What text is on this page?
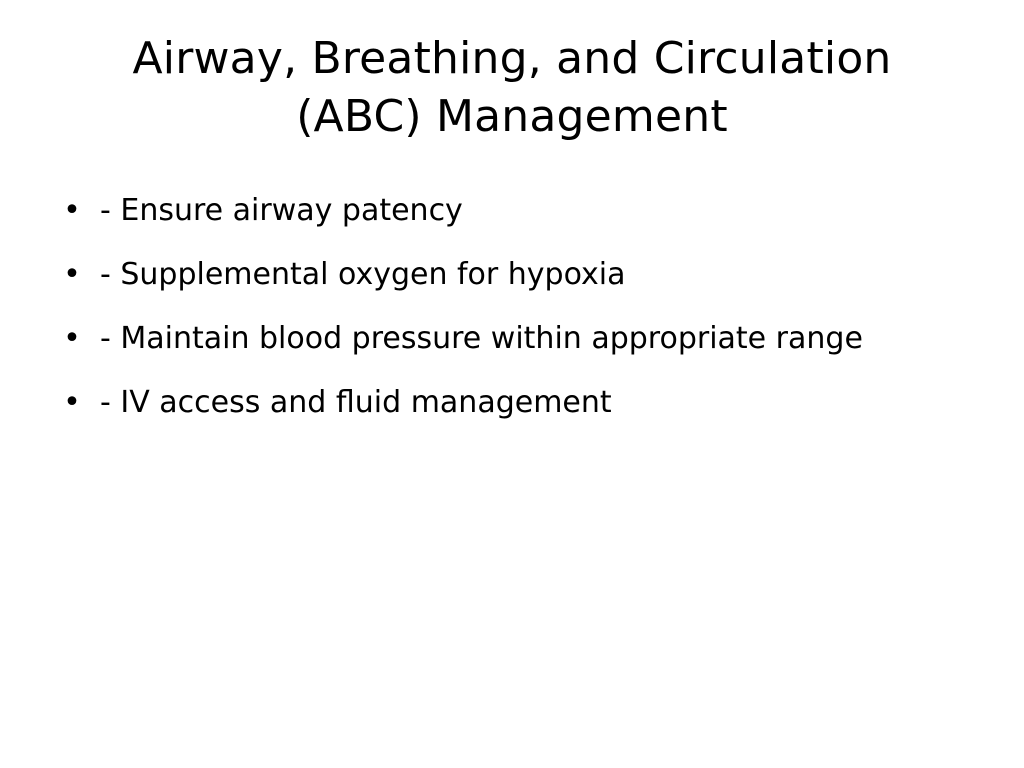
Airway, Breathing, and Circulation
(ABC) Management
• - Ensure airway patency
• - Supplemental oxygen for hypoxia
• - Maintain blood pressure within appropriate range
• - IV access and fluid management
